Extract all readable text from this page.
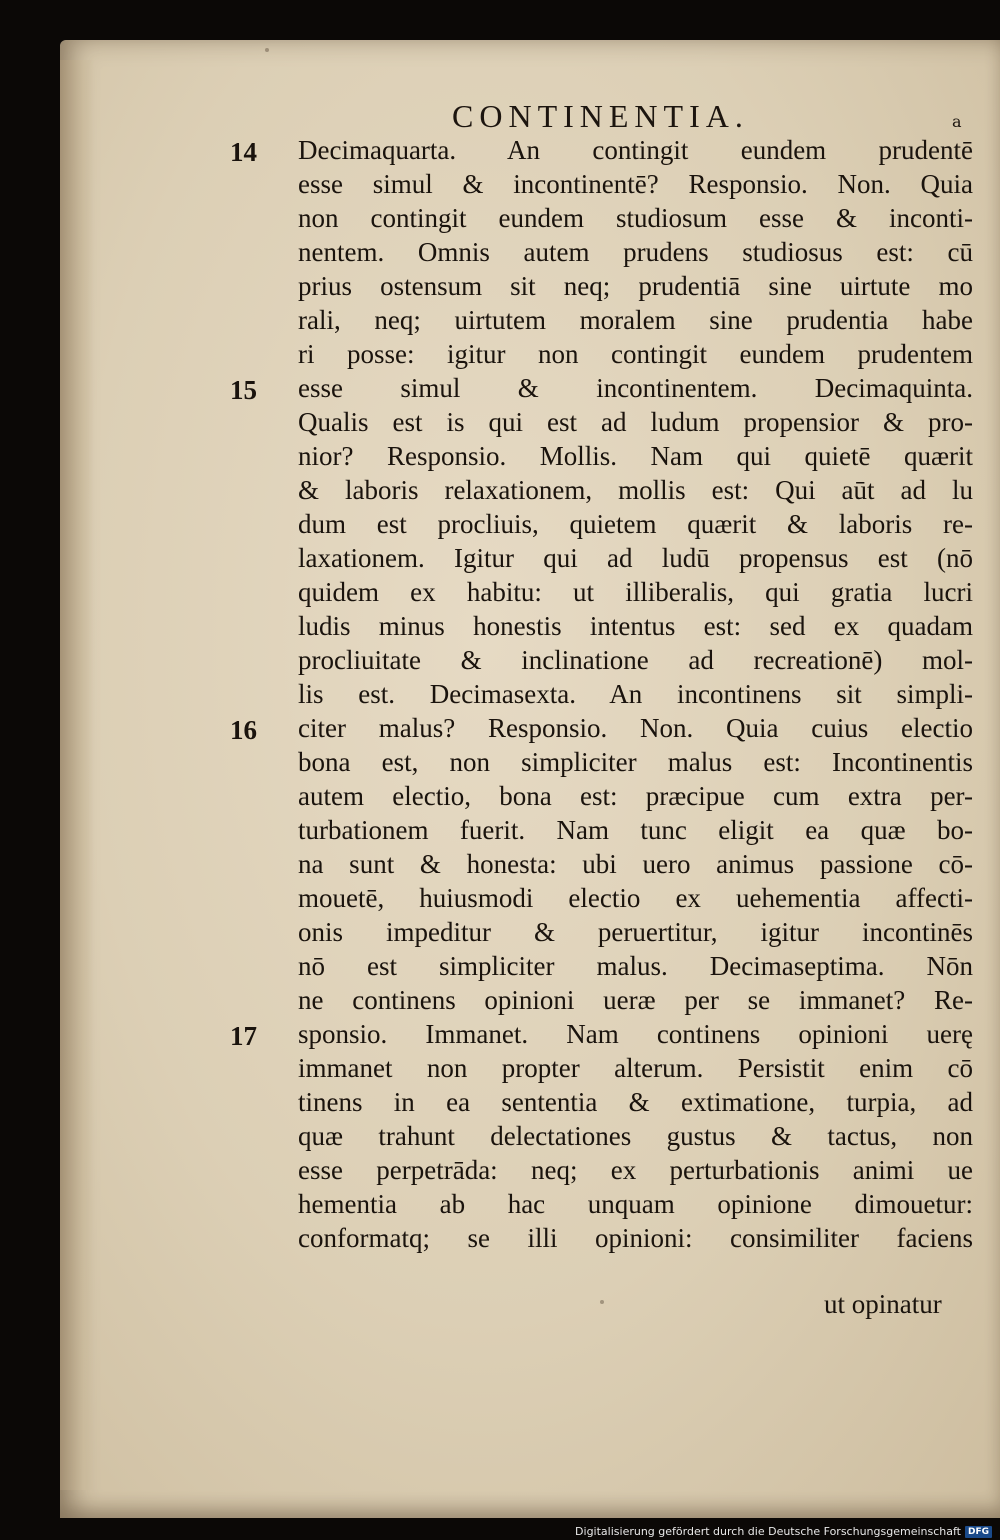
CONTINENTIA.	a
14
15
16
17
Decimaquarta. An contingit eundem prudentē
esse simul & incontinentē? Responsio. Non. Quia
non contingit eundem studiosum esse & inconti-
nentem. Omnis autem prudens studiosus est: cū
prius ostensum sit neq; prudentiā sine uirtute mo
rali, neq; uirtutem moralem sine prudentia habe
ri posse: igitur non contingit eundem prudentem
esse simul & incontinentem. Decimaquinta.
Qualis est is qui est ad ludum propensior & pro-
nior? Responsio. Mollis. Nam qui quietē quærit
& laboris relaxationem, mollis est: Qui aūt ad lu
dum est procliuis, quietem quærit & laboris re-
laxationem. Igitur qui ad ludū propensus est (nō
quidem ex habitu: ut illiberalis, qui gratia lucri
ludis minus honestis intentus est: sed ex quadam
procliuitate & inclinatione ad recreationē) mol-
lis est. Decimasexta. An incontinens sit simpli-
citer malus? Responsio. Non. Quia cuius electio
bona est, non simpliciter malus est: Incontinentis
autem electio, bona est: præcipue cum extra per-
turbationem fuerit. Nam tunc eligit ea quæ bo-
na sunt & honesta: ubi uero animus passione cō-
mouetē, huiusmodi electio ex uehementia affecti-
onis impeditur & peruertitur, igitur incontinēs
nō est simpliciter malus. Decimaseptima. Nōn
ne continens opinioni ueræ per se immanet? Re-
sponsio. Immanet. Nam continens opinioni uerę
immanet non propter alterum. Persistit enim cō
tinens in ea sententia & extimatione, turpia, ad
quæ trahunt delectationes gustus & tactus, non
esse perpetrāda: neq; ex perturbationis animi ue
hementia ab hac unquam opinione dimouetur:
conformatq; se illi opinioni: consimiliter faciens
ut opinatur
Digitalisierung gefördert durch die Deutsche Forschungsgemeinschaft DFG
